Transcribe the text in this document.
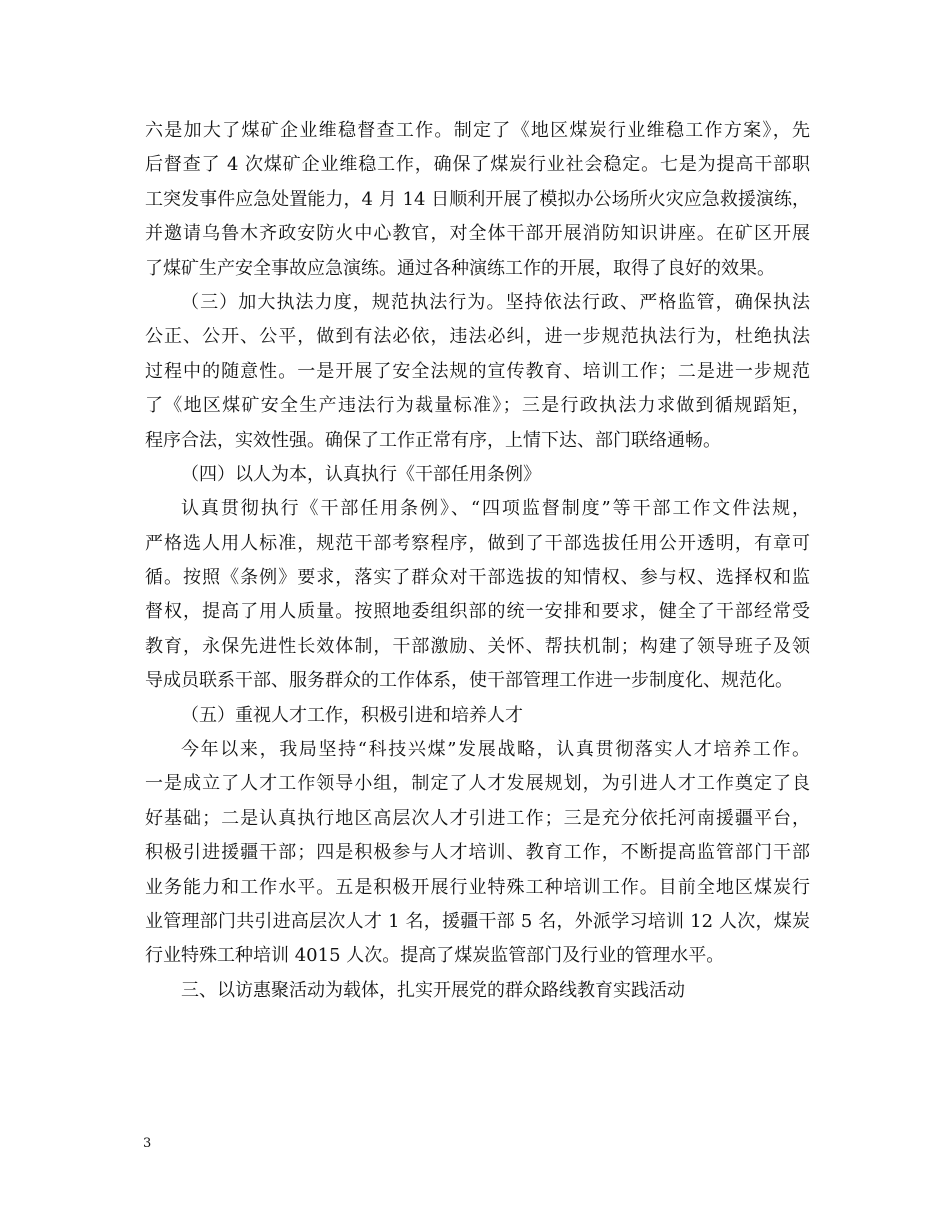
六是加大了煤矿企业维稳督查工作。制定了《地区煤炭行业维稳工作方案》，先
后督查了 4 次煤矿企业维稳工作，确保了煤炭行业社会稳定。七是为提高干部职
工突发事件应急处置能力，4 月 14 日顺利开展了模拟办公场所火灾应急救援演练，
并邀请乌鲁木齐政安防火中心教官，对全体干部开展消防知识讲座。在矿区开展
了煤矿生产安全事故应急演练。通过各种演练工作的开展，取得了良好的效果。
（三）加大执法力度，规范执法行为。坚持依法行政、严格监管，确保执法
公正、公开、公平，做到有法必依，违法必纠，进一步规范执法行为，杜绝执法
过程中的随意性。一是开展了安全法规的宣传教育、培训工作；二是进一步规范
了《地区煤矿安全生产违法行为裁量标准》；三是行政执法力求做到循规蹈矩，
程序合法，实效性强。确保了工作正常有序，上情下达、部门联络通畅。
（四）以人为本，认真执行《干部任用条例》
认真贯彻执行《干部任用条例》、“四项监督制度”等干部工作文件法规，
严格选人用人标准，规范干部考察程序，做到了干部选拔任用公开透明，有章可
循。按照《条例》要求，落实了群众对干部选拔的知情权、参与权、选择权和监
督权，提高了用人质量。按照地委组织部的统一安排和要求，健全了干部经常受
教育，永保先进性长效体制，干部激励、关怀、帮扶机制；构建了领导班子及领
导成员联系干部、服务群众的工作体系，使干部管理工作进一步制度化、规范化。
（五）重视人才工作，积极引进和培养人才
今年以来，我局坚持“科技兴煤”发展战略，认真贯彻落实人才培养工作。
一是成立了人才工作领导小组，制定了人才发展规划，为引进人才工作奠定了良
好基础；二是认真执行地区高层次人才引进工作；三是充分依托河南援疆平台，
积极引进援疆干部；四是积极参与人才培训、教育工作，不断提高监管部门干部
业务能力和工作水平。五是积极开展行业特殊工种培训工作。目前全地区煤炭行
业管理部门共引进高层次人才 1 名，援疆干部 5 名，外派学习培训 12 人次，煤炭
行业特殊工种培训 4015 人次。提高了煤炭监管部门及行业的管理水平。
三、以访惠聚活动为载体，扎实开展党的群众路线教育实践活动
3
